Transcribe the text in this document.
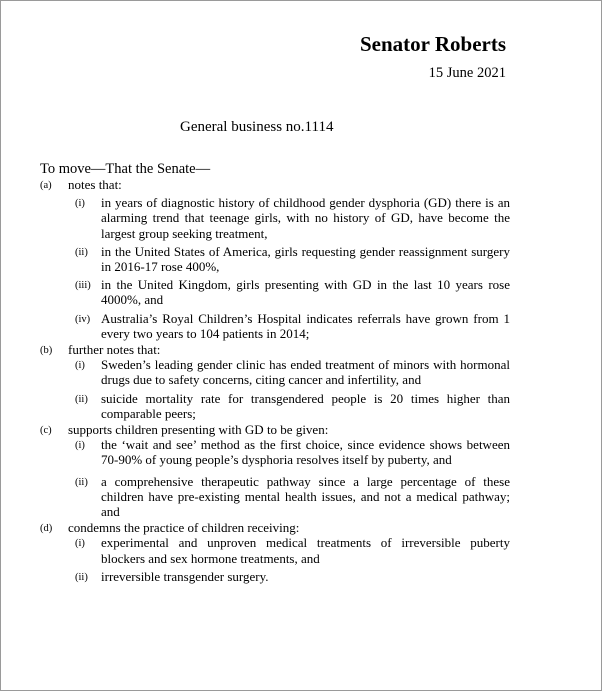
Senator Roberts
15 June 2021
General business no.1114
To move—That the Senate—
(a) notes that:
(i) in years of diagnostic history of childhood gender dysphoria (GD) there is an alarming trend that teenage girls, with no history of GD, have become the largest group seeking treatment,
(ii) in the United States of America, girls requesting gender reassignment surgery in 2016-17 rose 400%,
(iii) in the United Kingdom, girls presenting with GD in the last 10 years rose 4000%, and
(iv) Australia’s Royal Children’s Hospital indicates referrals have grown from 1 every two years to 104 patients in 2014;
(b) further notes that:
(i) Sweden’s leading gender clinic has ended treatment of minors with hormonal drugs due to safety concerns, citing cancer and infertility, and
(ii) suicide mortality rate for transgendered people is 20 times higher than comparable peers;
(c) supports children presenting with GD to be given:
(i) the ‘wait and see’ method as the first choice, since evidence shows between 70-90% of young people’s dysphoria resolves itself by puberty, and
(ii) a comprehensive therapeutic pathway since a large percentage of these children have pre-existing mental health issues, and not a medical pathway; and
(d) condemns the practice of children receiving:
(i) experimental and unproven medical treatments of irreversible puberty blockers and sex hormone treatments, and
(ii) irreversible transgender surgery.
